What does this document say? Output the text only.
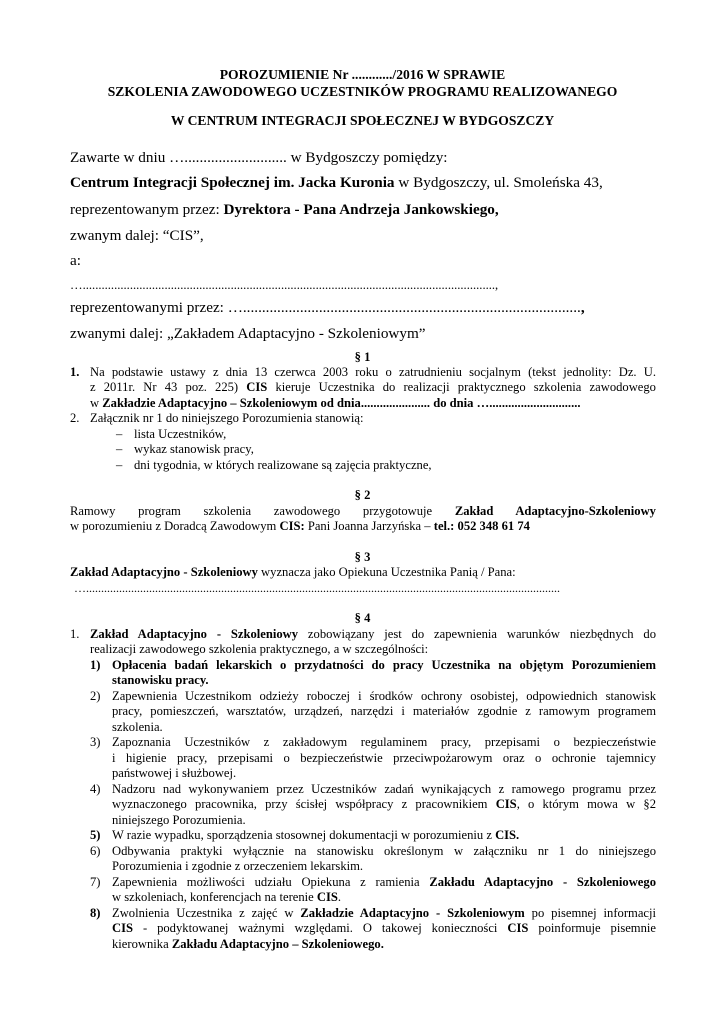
POROZUMIENIE Nr ............/2016 W SPRAWIE
SZKOLENIA ZAWODOWEGO UCZESTNIKÓW PROGRAMU REALIZOWANEGO
W CENTRUM INTEGRACJI SPOŁECZNEJ W BYDGOSZCZY
Zawarte w dniu …........................... w Bydgoszczy pomiędzy:
Centrum Integracji Społecznej im. Jacka Kuronia w Bydgoszczy, ul. Smoleńska 43,
reprezentowanym przez: Dyrektora - Pana Andrzeja Jankowskiego,
zwanym dalej: “CIS”,
a:
…...................................................................................................................................,
reprezentowanymi przez: ….........................................................................................,
zwanymi dalej: „Zakładem Adaptacyjno - Szkoleniowym”
§ 1
1. Na podstawie ustawy z dnia 13 czerwca 2003 roku o zatrudnieniu socjalnym (tekst jednolity: Dz. U.
z 2011r. Nr 43 poz. 225) CIS kieruje Uczestnika do realizacji praktycznego szkolenia zawodowego
w Zakładzie Adaptacyjno – Szkoleniowym od dnia...................... do dnia ….............................
2. Załącznik nr 1 do niniejszego Porozumienia stanowią:
– lista Uczestników,
– wykaz stanowisk pracy,
– dni tygodnia, w których realizowane są zajęcia praktyczne,
§ 2
Ramowy program szkolenia zawodowego przygotowuje Zakład Adaptacyjno-Szkoleniowy
w porozumieniu z Doradcą Zawodowym CIS: Pani Joanna Jarzyńska – tel.: 052 348 61 74
§ 3
Zakład Adaptacyjno - Szkoleniowy wyznacza jako Opiekuna Uczestnika Panią / Pana:
…..............................................................................................................................................................
§ 4
1. Zakład Adaptacyjno - Szkoleniowy zobowiązany jest do zapewnienia warunków niezbędnych do
realizacji zawodowego szkolenia praktycznego, a w szczególności:
1) Opłacenia badań lekarskich o przydatności do pracy Uczestnika na objętym Porozumieniem
stanowisku pracy.
2) Zapewnienia Uczestnikom odzieży roboczej i środków ochrony osobistej, odpowiednich stanowisk
pracy, pomieszczeń, warsztatów, urządzeń, narzędzi i materiałów zgodnie z ramowym programem
szkolenia.
3) Zapoznania Uczestników z zakładowym regulaminem pracy, przepisami o bezpieczeństwie
i higienie pracy, przepisami o bezpieczeństwie przeciwpożarowym oraz o ochronie tajemnicy
państwowej i służbowej.
4) Nadzoru nad wykonywaniem przez Uczestników zadań wynikających z ramowego programu przez
wyznaczonego pracownika, przy ścisłej współpracy z pracownikiem CIS, o którym mowa w §2
niniejszego Porozumienia.
5) W razie wypadku, sporządzenia stosownej dokumentacji w porozumieniu z CIS.
6) Odbywania praktyki wyłącznie na stanowisku określonym w załączniku nr 1 do niniejszego
Porozumienia i zgodnie z orzeczeniem lekarskim.
7) Zapewnienia możliwości udziału Opiekuna z ramienia Zakładu Adaptacyjno - Szkoleniowego
w szkoleniach, konferencjach na terenie CIS.
8) Zwolnienia Uczestnika z zajęć w Zakładzie Adaptacyjno - Szkoleniowym po pisemnej informacji
CIS - podyktowanej ważnymi względami. O takowej konieczności CIS poinformuje pisemnie
kierownika Zakładu Adaptacyjno – Szkoleniowego.
